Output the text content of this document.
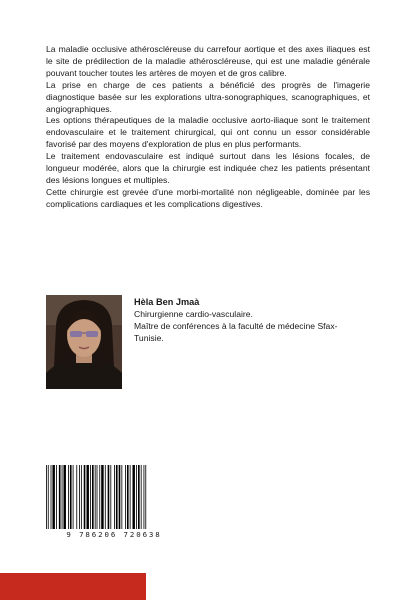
La maladie occlusive athéroscléreuse du carrefour aortique et des axes iliaques est le site de prédilection de la maladie athéroscléreuse, qui est une maladie générale pouvant toucher toutes les artères de moyen et de gros calibre.

La prise en charge de ces patients a bénéficié des progrès de l'imagerie diagnostique basée sur les explorations ultra-sonographiques, scanographiques, et angiographiques.

Les options thérapeutiques de la maladie occlusive aorto-iliaque sont le traitement endovasculaire et le traitement chirurgical, qui ont connu un essor considérable favorisé par des moyens d'exploration de plus en plus performants.

Le traitement endovasculaire est indiqué surtout dans les lésions focales, de longueur modérée, alors que la chirurgie est indiquée chez les patients présentant des lésions longues et multiples.

Cette chirurgie est grevée d'une morbi-mortalité non négligeable, dominée par les complications cardiaques et les complications digestives.

Hèla Ben Jmaà
Chirurgienne cardio-vasculaire.
Maître de conférences à la faculté de médecine Sfax-
Tunisie.
9 786206 720638
